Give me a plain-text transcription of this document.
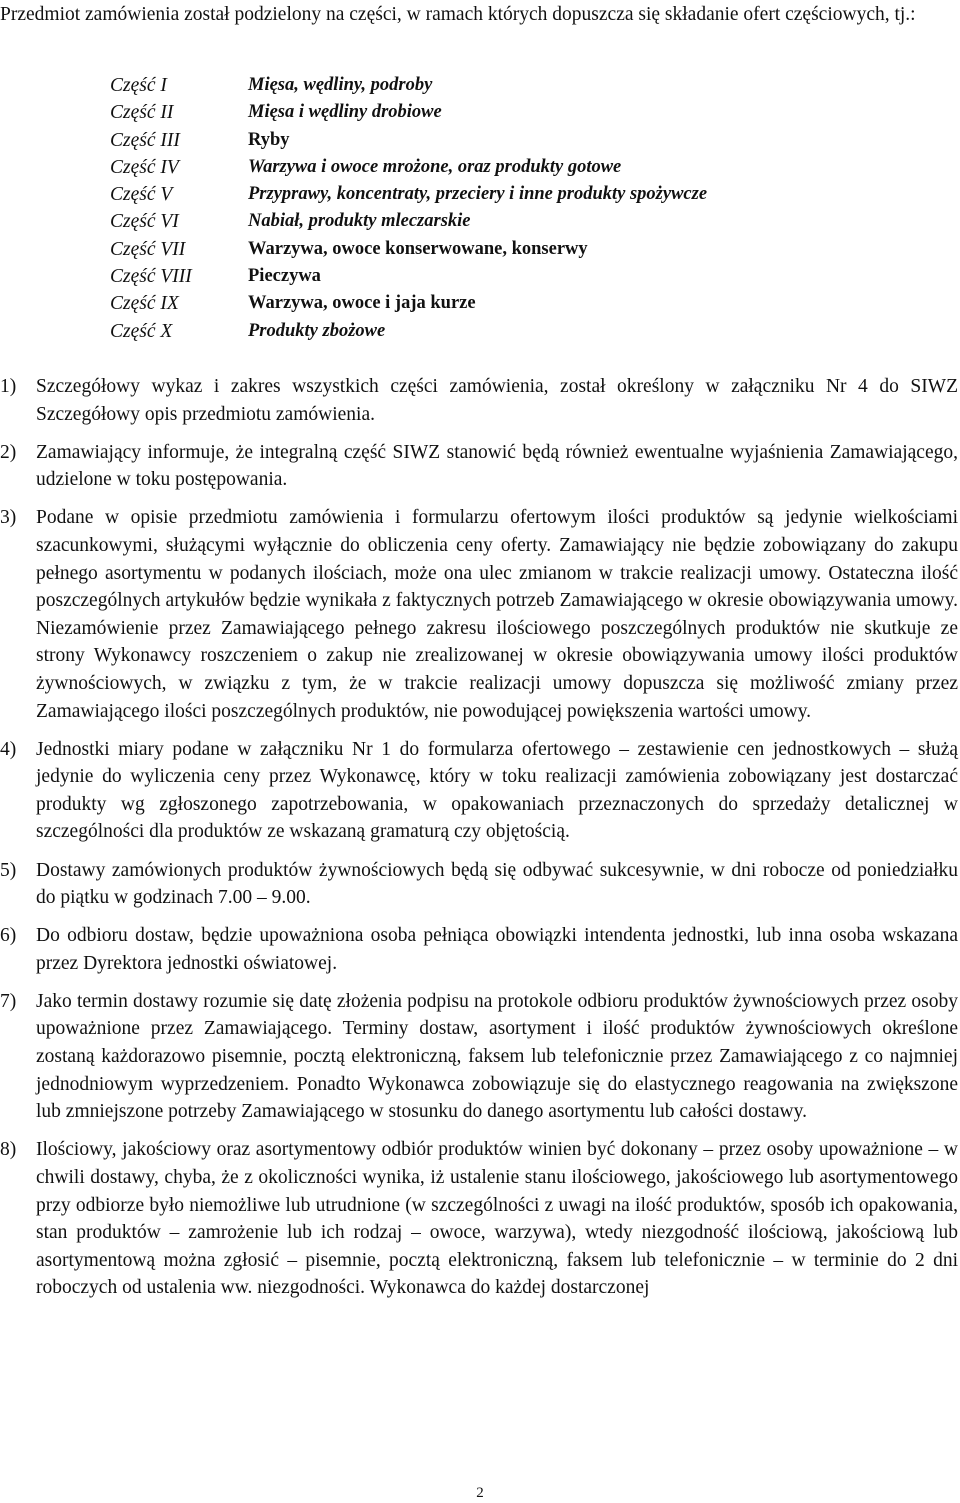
Przedmiot zamówienia został podzielony na części, w ramach których dopuszcza się składanie ofert częściowych, tj.:

Część I	Mięsa, wędliny, podroby
Część II	Mięsa i wędliny drobiowe
Część III	Ryby
Część IV	Warzywa i owoce mrożone, oraz produkty gotowe
Część V	Przyprawy, koncentraty, przeciery i inne produkty spożywcze
Część VI	Nabiał, produkty mleczarskie
Część VII	Warzywa, owoce konserwowane, konserwy
Część VIII	Pieczywa
Część IX	Warzywa, owoce i jaja kurze
Część X	Produkty zbożowe
1)	Szczegółowy wykaz i zakres wszystkich części zamówienia, został określony w załączniku Nr 4 do SIWZ Szczegółowy opis przedmiotu zamówienia.

2)	Zamawiający informuje, że integralną część SIWZ stanowić będą również ewentualne wyjaśnienia Zamawiającego, udzielone w toku postępowania.

3)	Podane w opisie przedmiotu zamówienia i formularzu ofertowym ilości produktów są jedynie wielkościami szacunkowymi, służącymi wyłącznie do obliczenia ceny oferty. Zamawiający nie będzie zobowiązany do zakupu pełnego asortymentu w podanych ilościach, może ona ulec zmianom w trakcie realizacji umowy. Ostateczna ilość poszczególnych artykułów będzie wynikała z faktycznych potrzeb Zamawiającego w okresie obowiązywania umowy. Niezamówienie przez Zamawiającego pełnego zakresu ilościowego poszczególnych produktów nie skutkuje ze strony Wykonawcy roszczeniem o zakup nie zrealizowanej w okresie obowiązywania umowy ilości produktów żywnościowych, w związku z tym, że w trakcie realizacji umowy dopuszcza się możliwość zmiany przez Zamawiającego ilości poszczególnych produktów, nie powodującej powiększenia wartości umowy.

4)	Jednostki miary podane w załączniku Nr 1 do formularza ofertowego – zestawienie cen jednostkowych – służą jedynie do wyliczenia ceny przez Wykonawcę, który w toku realizacji zamówienia zobowiązany jest dostarczać produkty wg zgłoszonego zapotrzebowania, w opakowaniach przeznaczonych do sprzedaży detalicznej w szczególności dla produktów ze wskazaną gramaturą czy objętością.

5)	Dostawy zamówionych produktów żywnościowych będą się odbywać sukcesywnie, w dni robocze od poniedziałku do piątku w godzinach 7.00 – 9.00.

6)	Do odbioru dostaw, będzie upoważniona osoba pełniąca obowiązki intendenta jednostki, lub inna osoba wskazana przez Dyrektora jednostki oświatowej.

7)	Jako termin dostawy rozumie się datę złożenia podpisu na protokole odbioru produktów żywnościowych przez osoby upoważnione przez Zamawiającego. Terminy dostaw, asortyment i ilość produktów żywnościowych określone zostaną każdorazowo pisemnie, pocztą elektroniczną, faksem lub telefonicznie przez Zamawiającego z co najmniej jednodniowym wyprzedzeniem. Ponadto Wykonawca zobowiązuje się do elastycznego reagowania na zwiększone lub zmniejszone potrzeby Zamawiającego w stosunku do danego asortymentu lub całości dostawy.

8)	Ilościowy, jakościowy oraz asortymentowy odbiór produktów winien być dokonany – przez osoby upoważnione – w chwili dostawy, chyba, że z okoliczności wynika, iż ustalenie stanu ilościowego, jakościowego lub asortymentowego przy odbiorze było niemożliwe lub utrudnione (w szczególności z uwagi na ilość produktów, sposób ich opakowania, stan produktów – zamrożenie lub ich rodzaj – owoce, warzywa), wtedy niezgodność ilościową, jakościową lub asortymentową można zgłosić – pisemnie, pocztą elektroniczną, faksem lub telefonicznie – w terminie do 2 dni roboczych od ustalenia ww. niezgodności. Wykonawca do każdej dostarczonej

2
